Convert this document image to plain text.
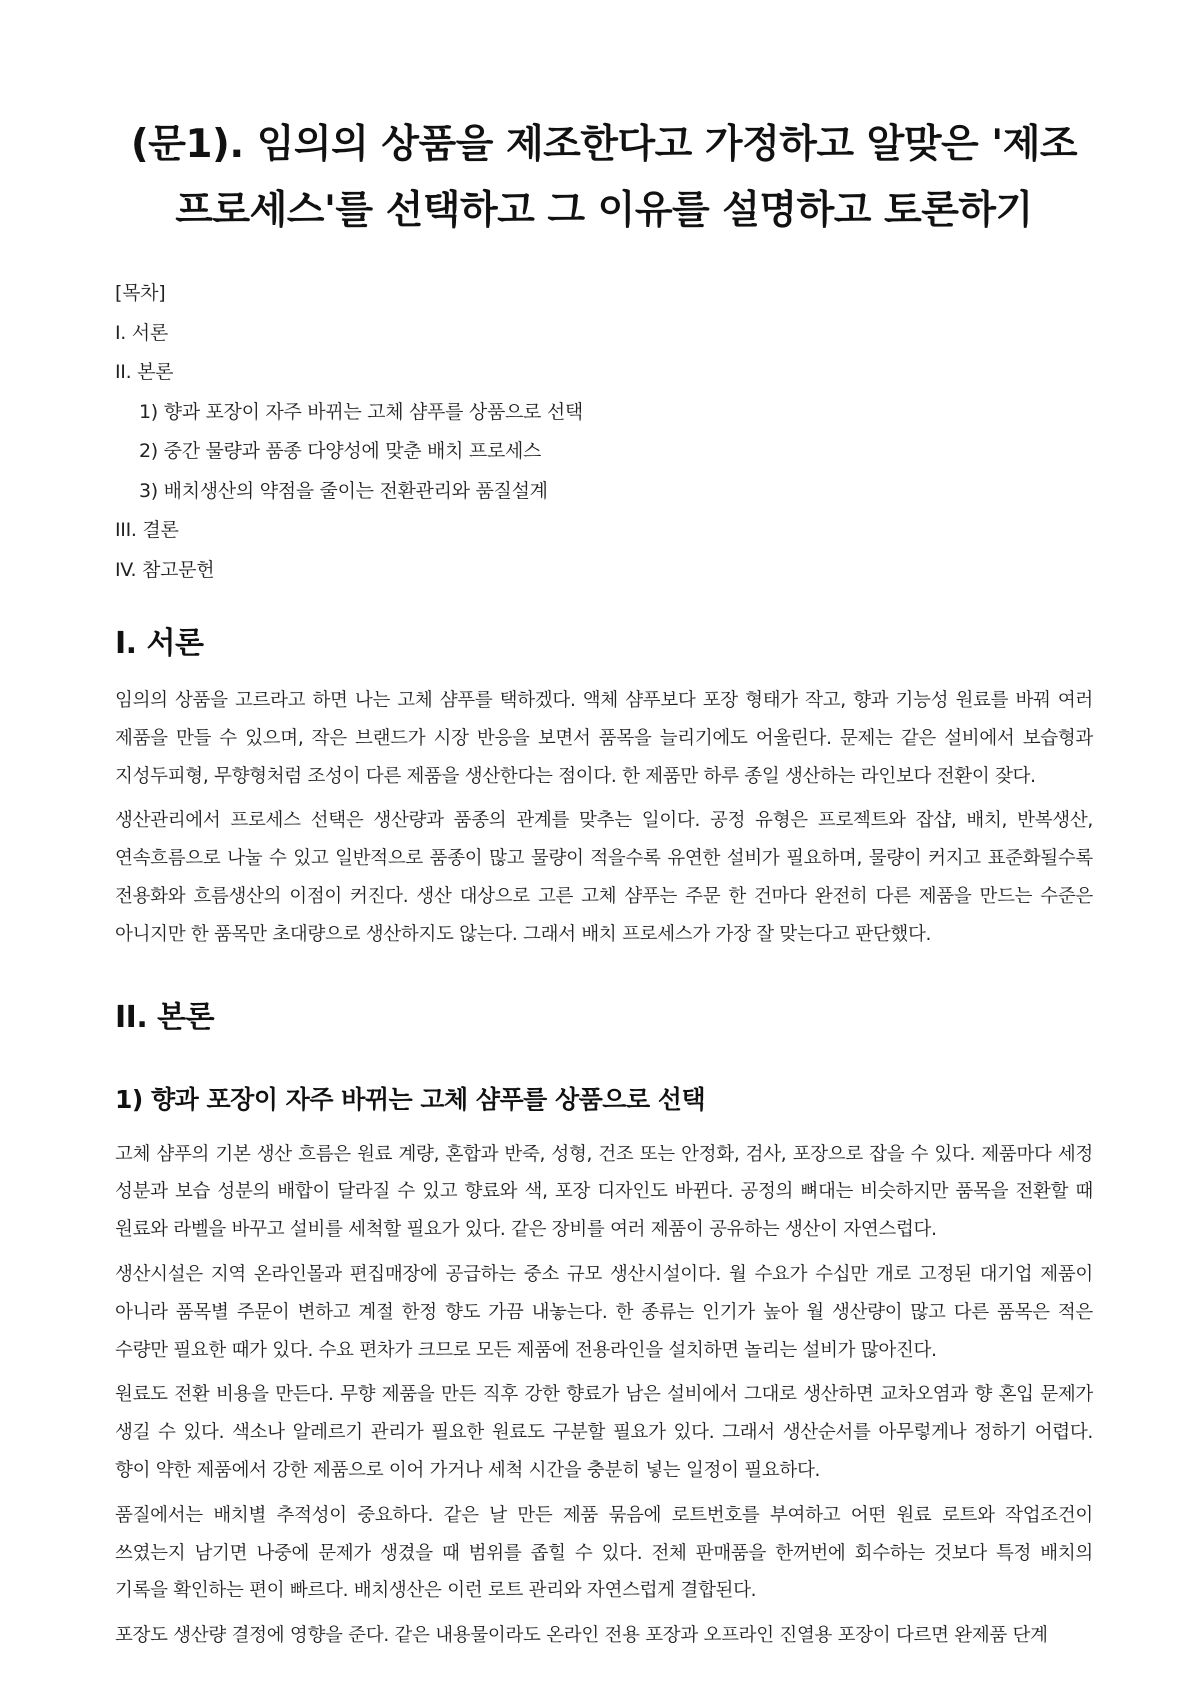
(문1). 임의의 상품을 제조한다고 가정하고 알맞은 '제조 프로세스'를 선택하고 그 이유를 설명하고 토론하기
[목차]
I. 서론
II. 본론
1) 향과 포장이 자주 바뀌는 고체 샴푸를 상품으로 선택
2) 중간 물량과 품종 다양성에 맞춘 배치 프로세스
3) 배치생산의 약점을 줄이는 전환관리와 품질설계
III. 결론
IV. 참고문헌
I. 서론

임의의 상품을 고르라고 하면 나는 고체 샴푸를 택하겠다. 액체 샴푸보다 포장 형태가 작고, 향과 기능성 원료를 바꿔 여러 제품을 만들 수 있으며, 작은 브랜드가 시장 반응을 보면서 품목을 늘리기에도 어울린다. 문제는 같은 설비에서 보습형과 지성두피형, 무향형처럼 조성이 다른 제품을 생산한다는 점이다. 한 제품만 하루 종일 생산하는 라인보다 전환이 잦다.

생산관리에서 프로세스 선택은 생산량과 품종의 관계를 맞추는 일이다. 공정 유형은 프로젝트와 잡샵, 배치, 반복생산, 연속흐름으로 나눌 수 있고 일반적으로 품종이 많고 물량이 적을수록 유연한 설비가 필요하며, 물량이 커지고 표준화될수록 전용화와 흐름생산의 이점이 커진다. 생산 대상으로 고른 고체 샴푸는 주문 한 건마다 완전히 다른 제품을 만드는 수준은 아니지만 한 품목만 초대량으로 생산하지도 않는다. 그래서 배치 프로세스가 가장 잘 맞는다고 판단했다.

II. 본론
1) 향과 포장이 자주 바뀌는 고체 샴푸를 상품으로 선택

고체 샴푸의 기본 생산 흐름은 원료 계량, 혼합과 반죽, 성형, 건조 또는 안정화, 검사, 포장으로 잡을 수 있다. 제품마다 세정 성분과 보습 성분의 배합이 달라질 수 있고 향료와 색, 포장 디자인도 바뀐다. 공정의 뼈대는 비슷하지만 품목을 전환할 때 원료와 라벨을 바꾸고 설비를 세척할 필요가 있다. 같은 장비를 여러 제품이 공유하는 생산이 자연스럽다.

생산시설은 지역 온라인몰과 편집매장에 공급하는 중소 규모 생산시설이다. 월 수요가 수십만 개로 고정된 대기업 제품이 아니라 품목별 주문이 변하고 계절 한정 향도 가끔 내놓는다. 한 종류는 인기가 높아 월 생산량이 많고 다른 품목은 적은 수량만 필요한 때가 있다. 수요 편차가 크므로 모든 제품에 전용라인을 설치하면 놀리는 설비가 많아진다.

원료도 전환 비용을 만든다. 무향 제품을 만든 직후 강한 향료가 남은 설비에서 그대로 생산하면 교차오염과 향 혼입 문제가 생길 수 있다. 색소나 알레르기 관리가 필요한 원료도 구분할 필요가 있다. 그래서 생산순서를 아무렇게나 정하기 어렵다. 향이 약한 제품에서 강한 제품으로 이어 가거나 세척 시간을 충분히 넣는 일정이 필요하다.

품질에서는 배치별 추적성이 중요하다. 같은 날 만든 제품 묶음에 로트번호를 부여하고 어떤 원료 로트와 작업조건이 쓰였는지 남기면 나중에 문제가 생겼을 때 범위를 좁힐 수 있다. 전체 판매품을 한꺼번에 회수하는 것보다 특정 배치의 기록을 확인하는 편이 빠르다. 배치생산은 이런 로트 관리와 자연스럽게 결합된다.

포장도 생산량 결정에 영향을 준다. 같은 내용물이라도 온라인 전용 포장과 오프라인 진열용 포장이 다르면 완제품 단계
